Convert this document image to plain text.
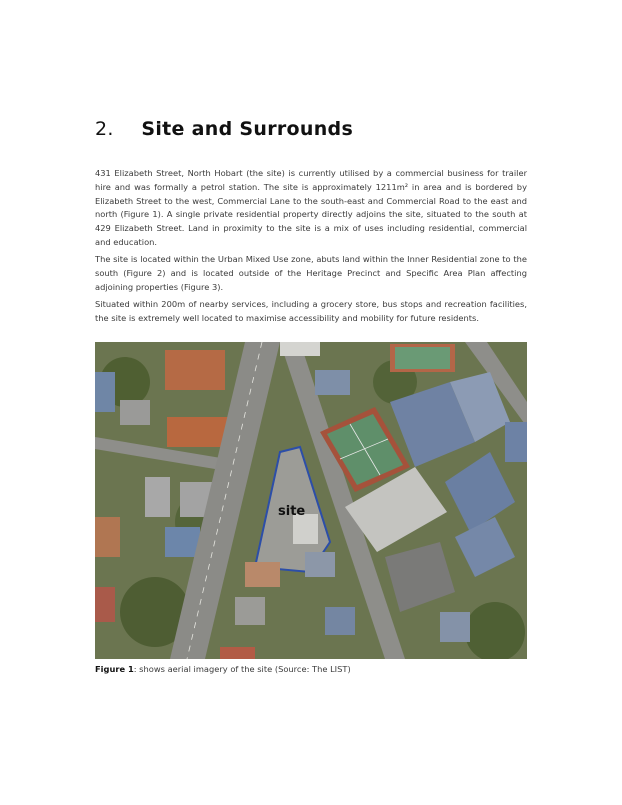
2. Site and Surrounds

431 Elizabeth Street, North Hobart (the site) is currently utilised by a commercial business for trailer hire and was formally a petrol station. The site is approximately 1211m² in area and is bordered by Elizabeth Street to the west, Commercial Lane to the south-east and Commercial Road to the east and north (Figure 1). A single private residential property directly adjoins the site, situated to the south at 429 Elizabeth Street. Land in proximity to the site is a mix of uses including residential, commercial and education.

The site is located within the Urban Mixed Use zone, abuts land within the Inner Residential zone to the south (Figure 2) and is located outside of the Heritage Precinct and Specific Area Plan affecting adjoining properties (Figure 3).

Situated within 200m of nearby services, including a grocery store, bus stops and recreation facilities, the site is extremely well located to maximise accessibility and mobility for future residents.

site
Figure 1: shows aerial imagery of the site (Source: The LIST)
